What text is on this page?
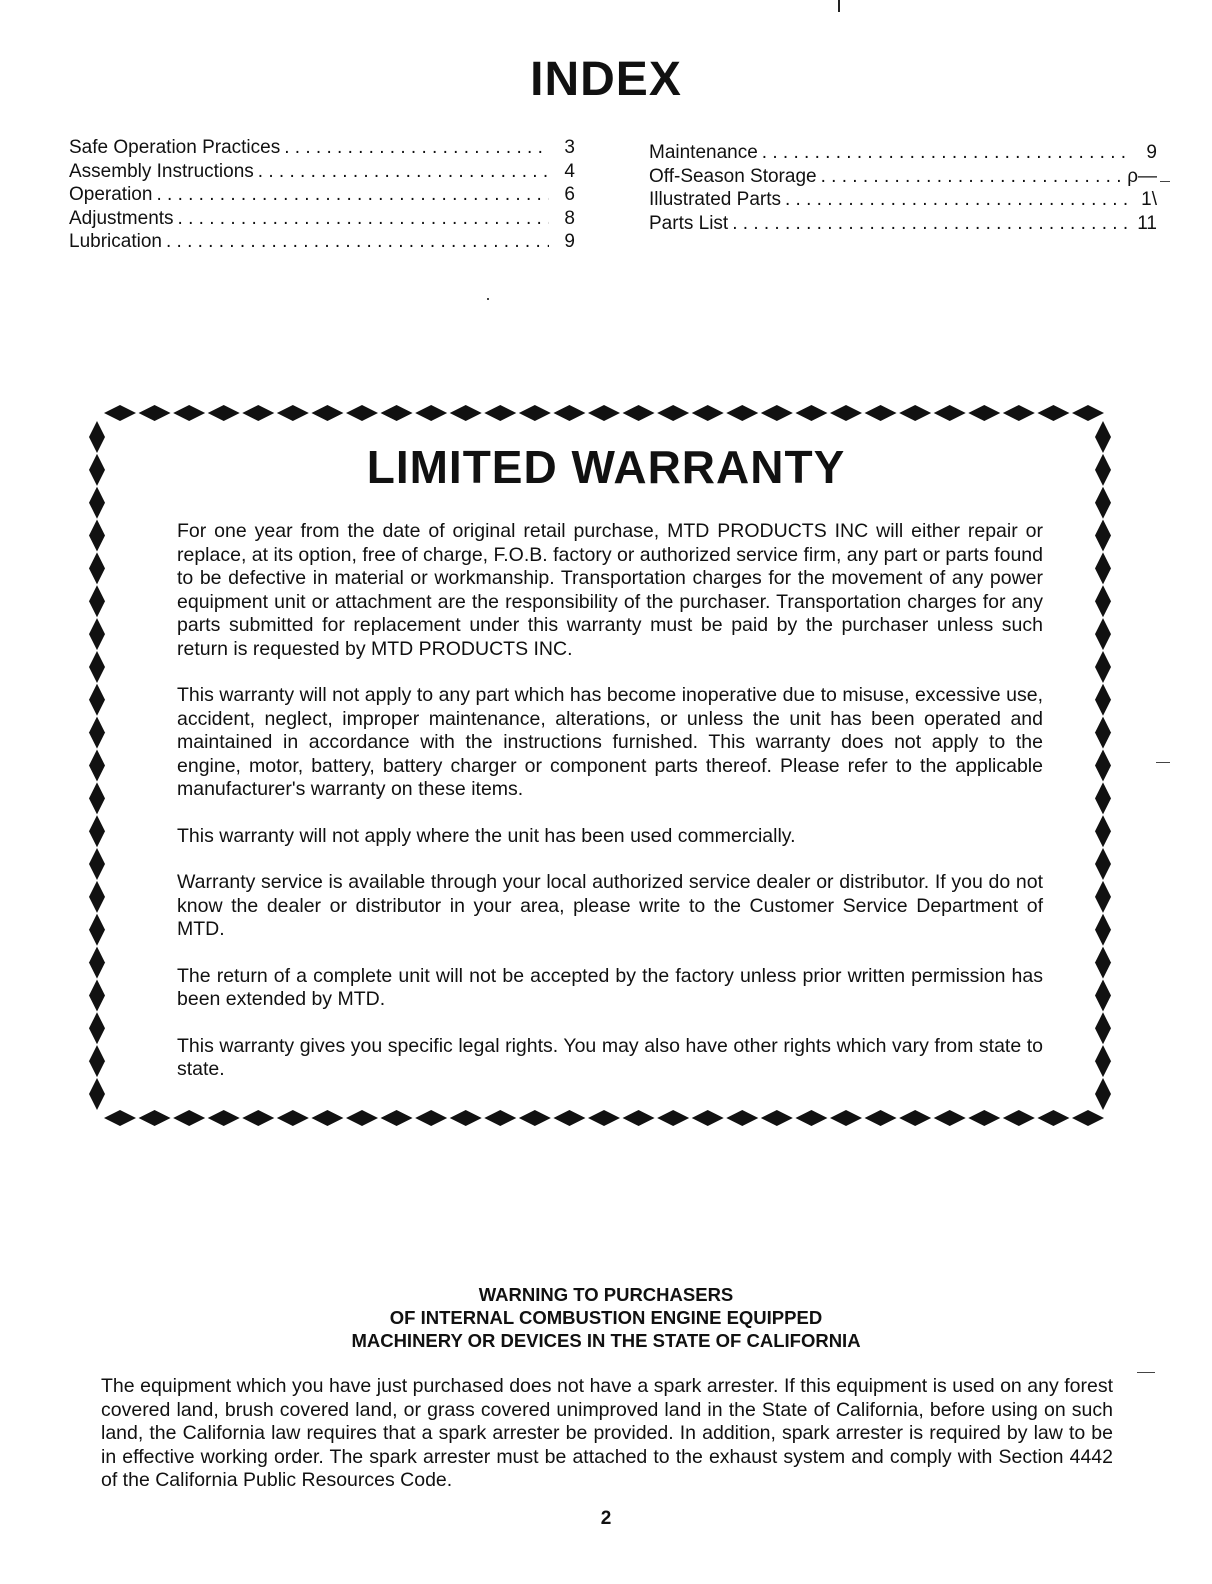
INDEX
Safe Operation Practices . . .	3
Assembly Instructions . . .	4
Operation . . .	6
Adjustments . . .	8
Lubrication . . .	9
Maintenance . . .	9
Off-Season Storage . . .	ρ—
Illustrated Parts . . .	1\
Parts List . . .	11
LIMITED WARRANTY

For one year from the date of original retail purchase, MTD PRODUCTS INC will either repair or replace, at its option, free of charge, F.O.B. factory or authorized service firm, any part or parts found to be defective in material or workmanship. Transportation charges for the movement of any power equipment unit or attachment are the responsibility of the purchaser. Transportation charges for any parts submitted for replacement under this warranty must be paid by the purchaser unless such return is requested by MTD PRODUCTS INC.

This warranty will not apply to any part which has become inoperative due to misuse, excessive use, accident, neglect, improper maintenance, alterations, or unless the unit has been operated and maintained in accordance with the instructions furnished. This warranty does not apply to the engine, motor, battery, battery charger or component parts thereof. Please refer to the applicable manufacturer's warranty on these items.

This warranty will not apply where the unit has been used commercially.

Warranty service is available through your local authorized service dealer or distributor. If you do not know the dealer or distributor in your area, please write to the Customer Service Department of MTD.

The return of a complete unit will not be accepted by the factory unless prior written permission has been extended by MTD.

This warranty gives you specific legal rights. You may also have other rights which vary from state to state.

WARNING TO PURCHASERS
OF INTERNAL COMBUSTION ENGINE EQUIPPED
MACHINERY OR DEVICES IN THE STATE OF CALIFORNIA

The equipment which you have just purchased does not have a spark arrester. If this equipment is used on any forest covered land, brush covered land, or grass covered unimproved land in the State of California, before using on such land, the California law requires that a spark arrester be provided. In addition, spark arrester is required by law to be in effective working order. The spark arrester must be attached to the exhaust system and comply with Section 4442 of the California Public Resources Code.

2
